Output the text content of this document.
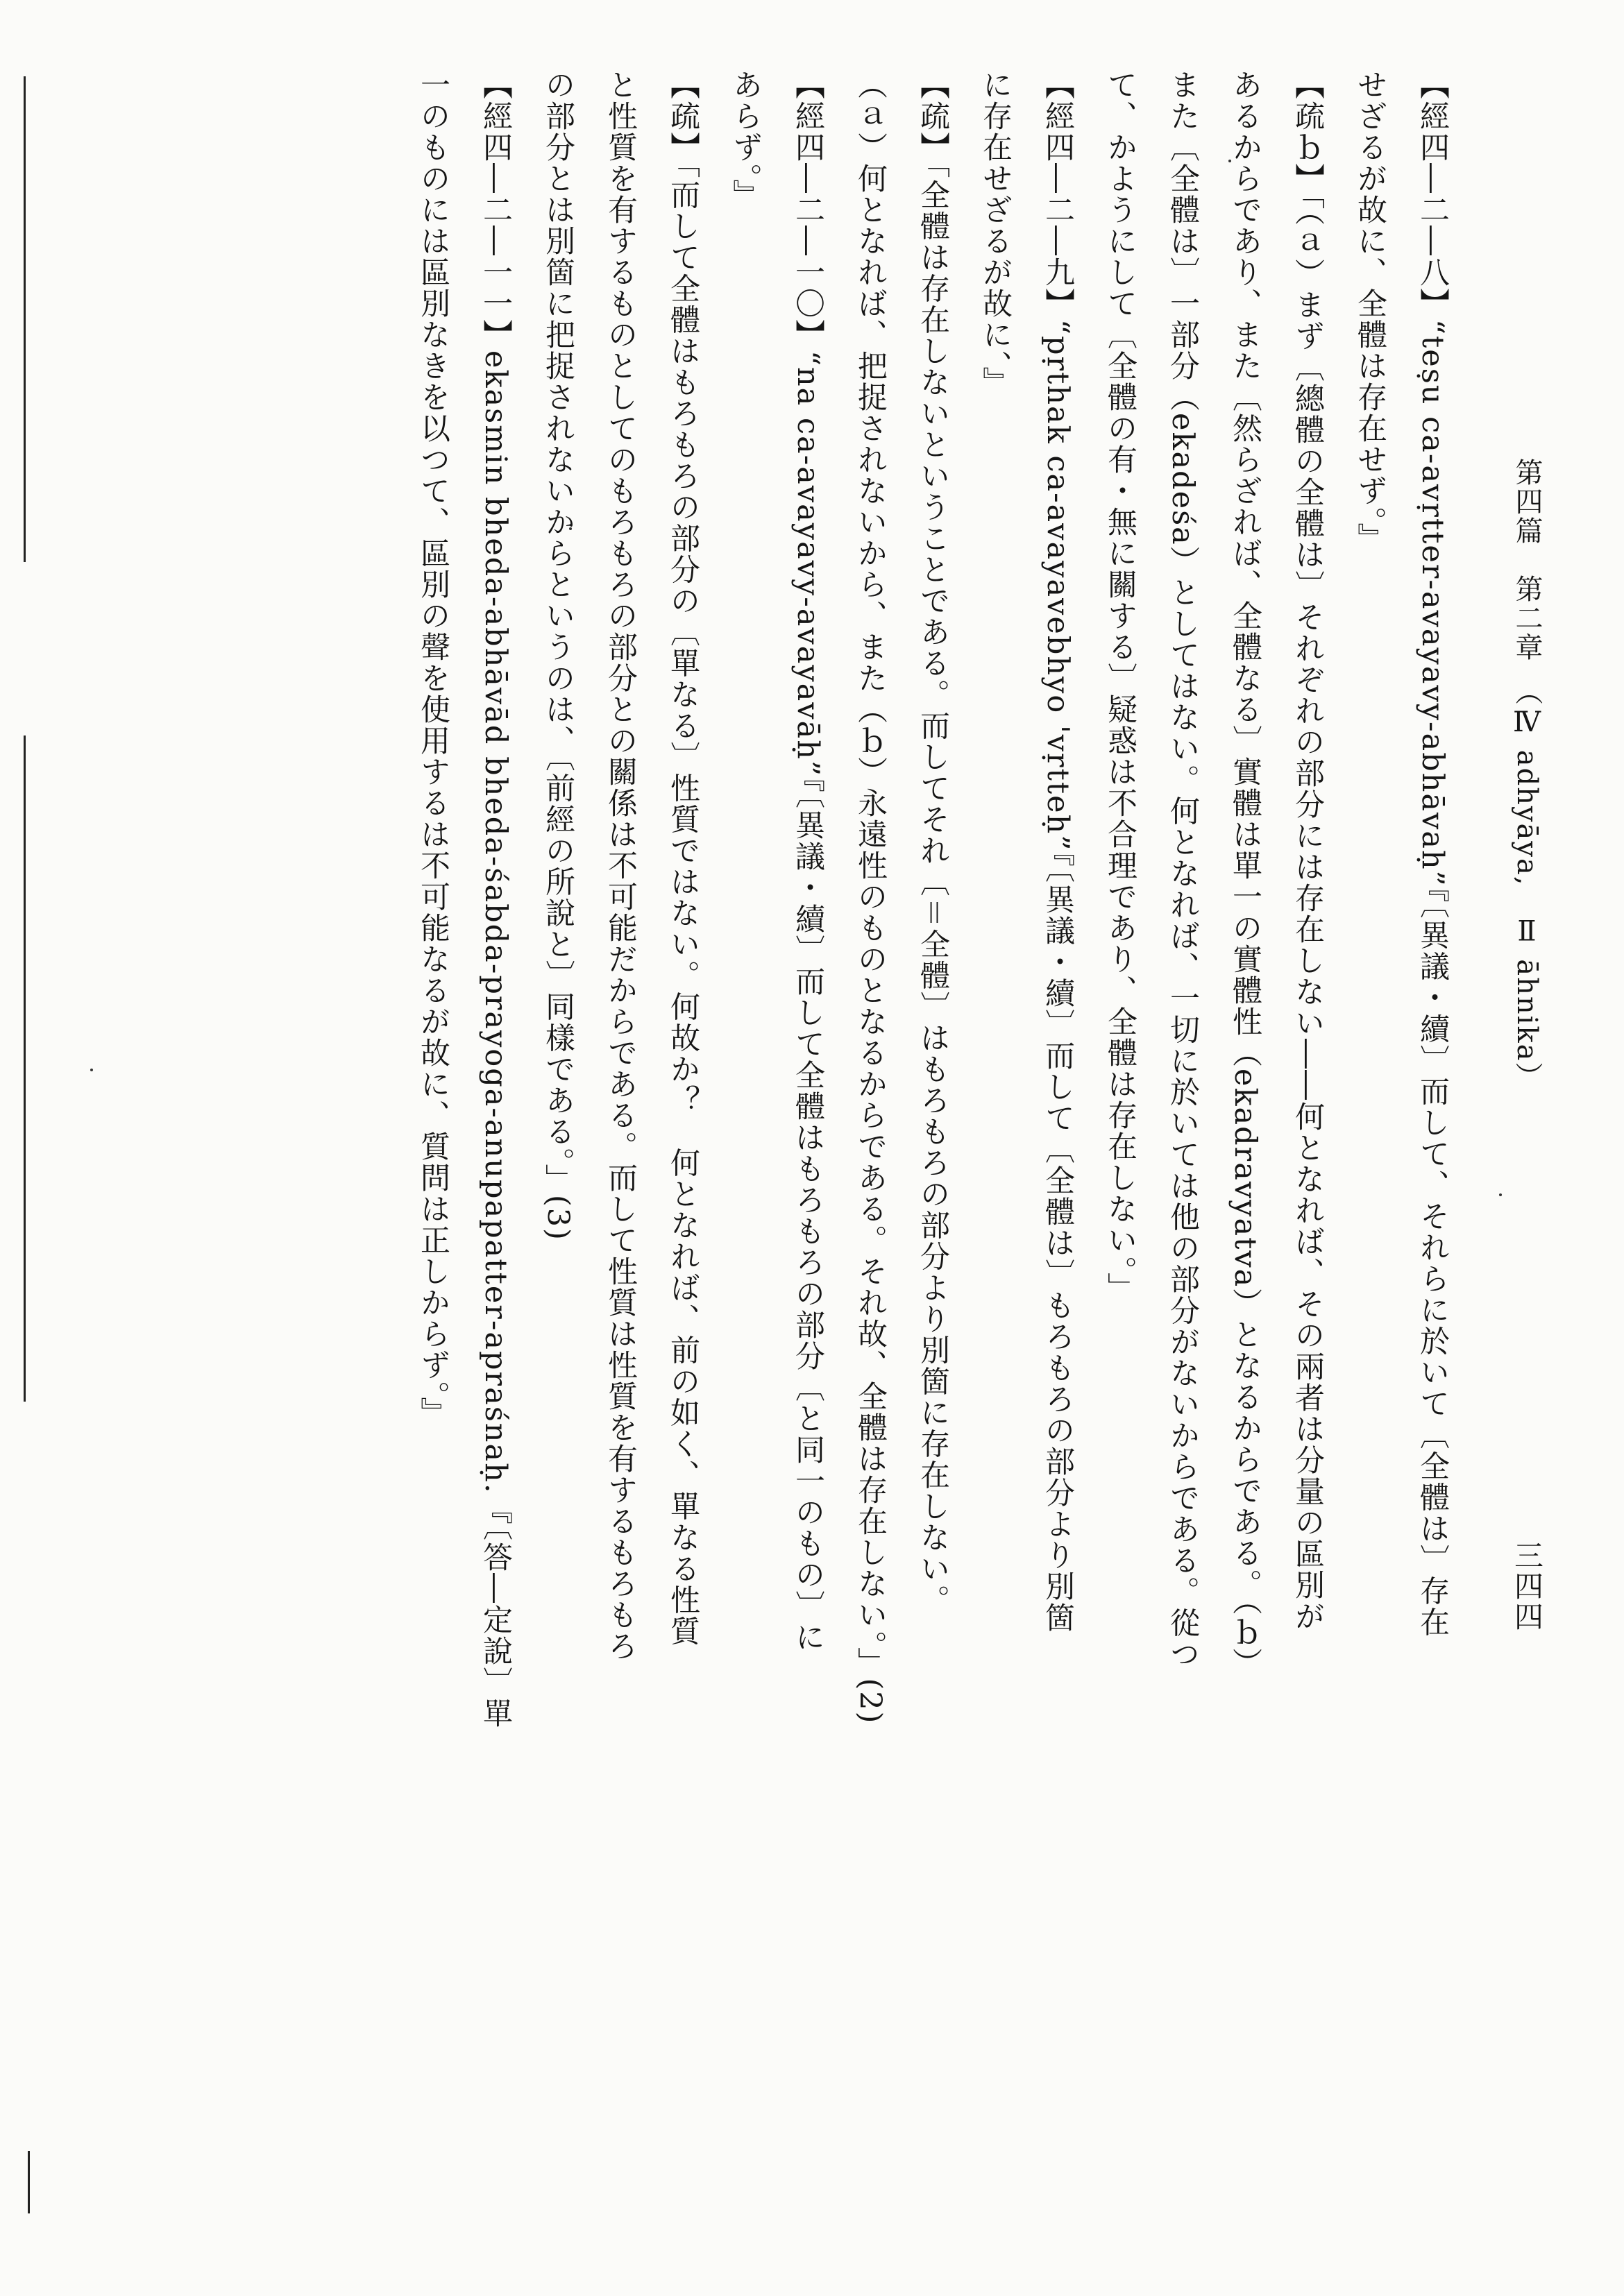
第四篇　第二章　（Ⅳ adhyāya,　Ⅱ āhnika）
三四四
【經四―二―八】“teṣu ca-avṛtter-avayavy-abhāvaḥ”『〔異議・續〕而して、それらに於いて〔全體は〕存在
せざるが故に、全體は存在せず。』
【疏ｂ】「（ａ）まず〔總體の全體は〕それぞれの部分には存在しない――何となれば、その兩者は分量の區別が
あるからであり、また〔然らざれば、全體なる〕實體は單一の實體性（ekadravyatva）となるからである。（ｂ）
また〔全體は〕一部分（ekadeśa）としてはない。何となれば、一切に於いては他の部分がないからである。從つ
て、かようにして〔全體の有・無に關する〕疑惑は不合理であり、全體は存在しない。」
【經四―二―九】“pṛthak ca-avayavebhyo 'vṛtteḥ”『〔異議・續〕而して〔全體は〕もろもろの部分より別箇
に存在せざるが故に、』
【疏】「全體は存在しないということである。而してそれ〔＝全體〕はもろもろの部分より別箇に存在しない。
（ａ）何となれば、把捉されないから、また（ｂ）永遠性のものとなるからである。それ故、全體は存在しない。」(2)
【經四―二―一〇】“na ca-avayavy-avayavāḥ”『〔異議・續〕而して全體はもろもろの部分〔と同一のもの〕に
あらず。』
【疏】「而して全體はもろもろの部分の〔單なる〕性質ではない。何故か？　何となれば、前の如く、單なる性質
と性質を有するものとしてのもろもろの部分との關係は不可能だからである。而して性質は性質を有するもろもろ
の部分とは別箇に把捉されないからというのは、〔前經の所說と〕同樣である。」(3)
【經四―二―一一】ekasmin bheda-abhāvād bheda-śabda-prayoga-anupapatter-apraśnaḥ.『〔答―定說〕單
一のものには區別なきを以つて、區別の聲を使用するは不可能なるが故に、質問は正しからず。』
